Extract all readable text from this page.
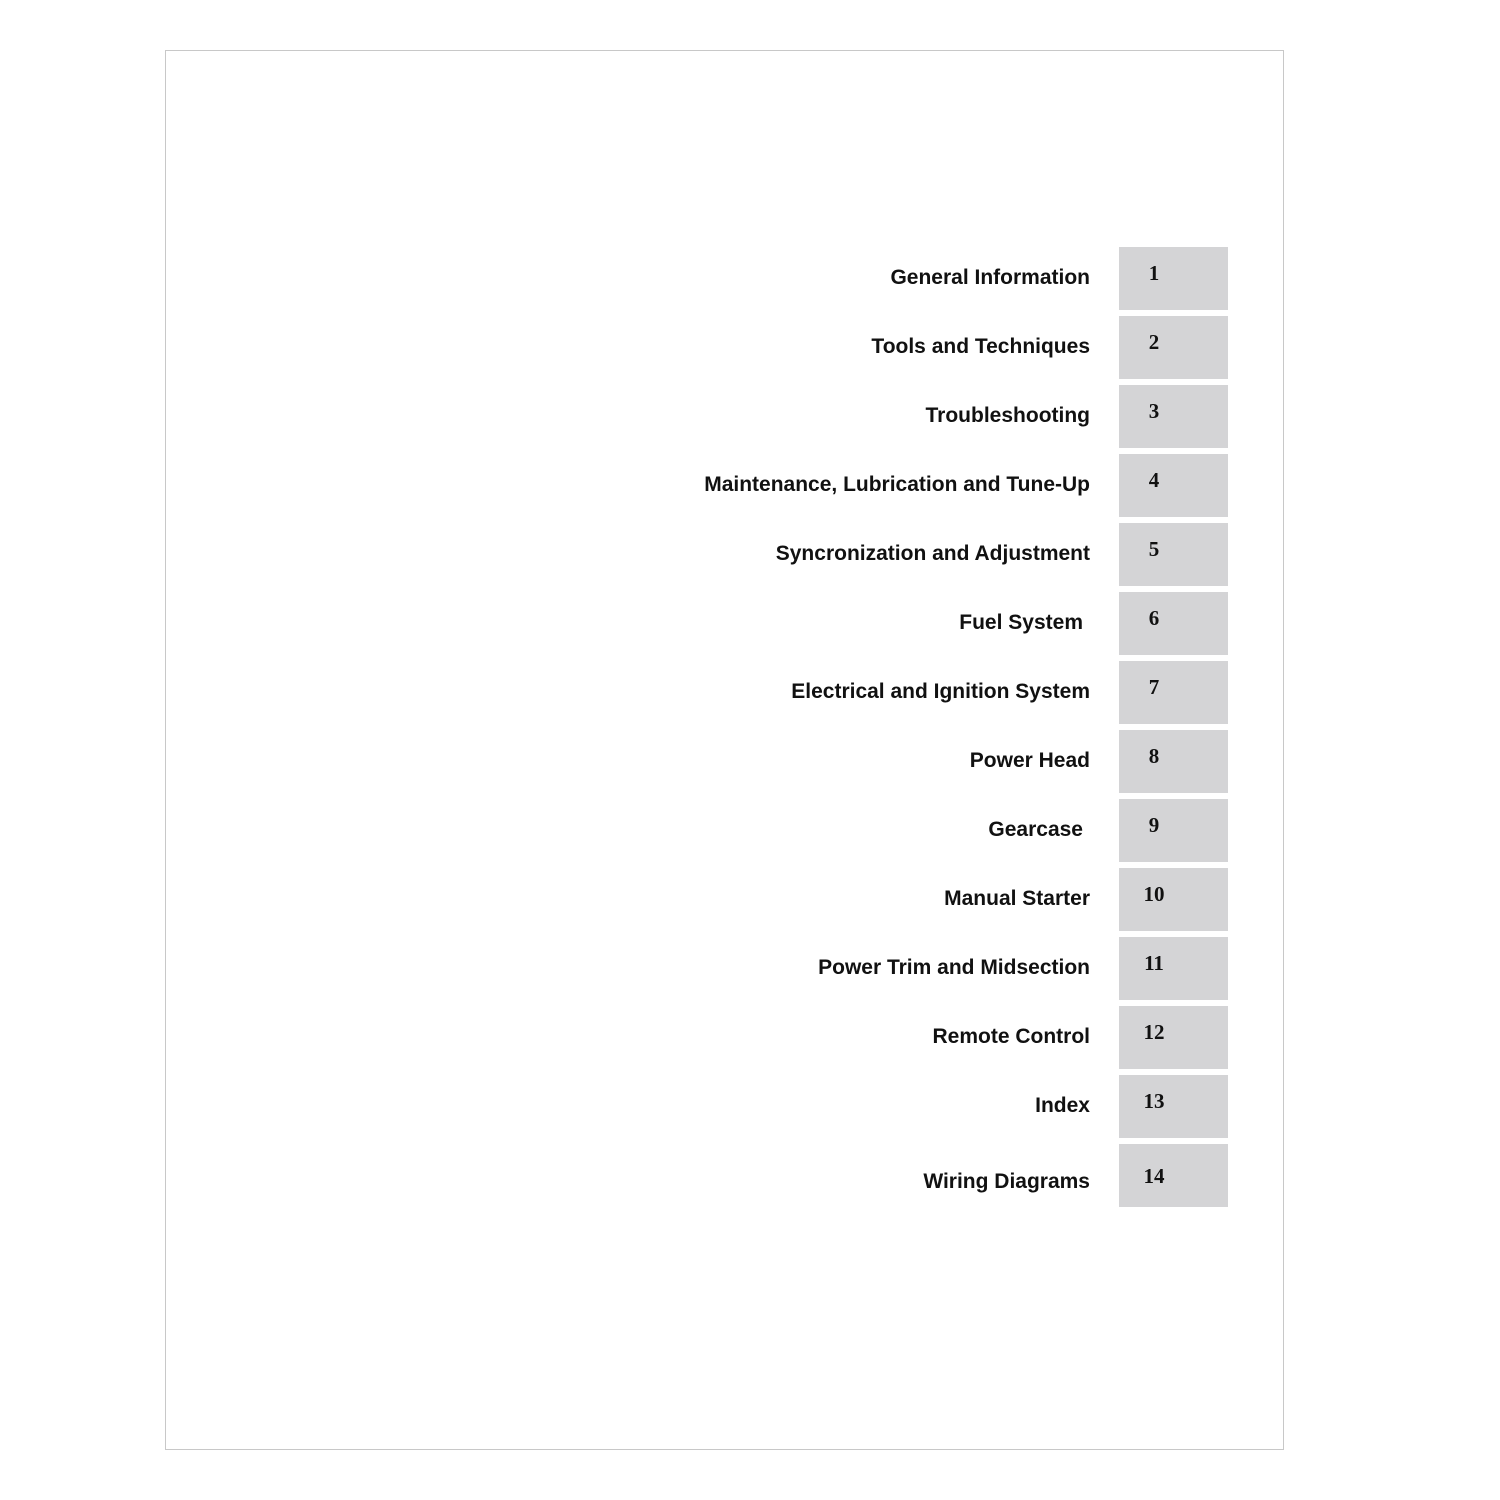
General Information	1
Tools and Techniques	2
Troubleshooting	3
Maintenance, Lubrication and Tune-Up	4
Syncronization and Adjustment	5
Fuel System	6
Electrical and Ignition System	7
Power Head	8
Gearcase	9
Manual Starter	10
Power Trim and Midsection	11
Remote Control	12
Index	13
Wiring Diagrams	14
